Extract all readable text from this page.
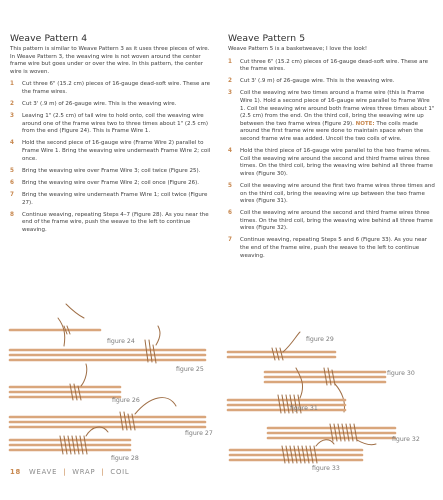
Weave Pattern 4

This pattern is similar to Weave Pattern 3 as it uses three pieces of wire. In Weave Pattern 3, the weaving wire is not woven around the center frame wire but goes under or over the wire. In this pattern, the center wire is woven.

1	Cut three 6" (15.2 cm) pieces of 16-gauge dead-soft wire. These are the frame wires.
2	Cut 3' (.9 m) of 26-gauge wire. This is the weaving wire.
3	Leaving 1" (2.5 cm) of tail wire to hold onto, coil the weaving wire around one of the frame wires two to three times about 1" (2.5 cm) from the end (Figure 24). This is Frame Wire 1.
4	Hold the second piece of 16-gauge wire (Frame Wire 2) parallel to Frame Wire 1. Bring the weaving wire underneath Frame Wire 2; coil once.
5	Bring the weaving wire over Frame Wire 3; coil twice (Figure 25).
6	Bring the weaving wire over Frame Wire 2; coil once (Figure 26).
7	Bring the weaving wire underneath Frame Wire 1; coil twice (Figure 27).
8	Continue weaving, repeating Steps 4–7 (Figure 28). As you near the end of the frame wire, push the weave to the left to continue weaving.
Weave Pattern 5

Weave Pattern 5 is a basketweave; I love the look!

1	Cut three 6" (15.2 cm) pieces of 16-gauge dead-soft wire. These are the frame wires.
2	Cut 3' (.9 m) of 26-gauge wire. This is the weaving wire.
3	Coil the weaving wire two times around a frame wire (this is Frame Wire 1). Hold a second piece of 16-gauge wire parallel to Frame Wire 1. Coil the weaving wire around both frame wires three times about 1" (2.5 cm) from the end. On the third coil, bring the weaving wire up between the two frame wires (Figure 29). NOTE: The coils made around the first frame wire were done to maintain space when the second frame wire was added. Uncoil the two coils of wire.
4	Hold the third piece of 16-gauge wire parallel to the two frame wires. Coil the weaving wire around the second and third frame wires three times. On the third coil, bring the weaving wire behind all three frame wires (Figure 30).
5	Coil the weaving wire around the first two frame wires three times and on the third coil, bring the weaving wire up between the two frame wires (Figure 31).
6	Coil the weaving wire around the second and third frame wires three times. On the third coil, bring the weaving wire behind all three frame wires (Figure 32).
7	Continue weaving, repeating Steps 5 and 6 (Figure 33). As you near the end of the frame wire, push the weave to the left to continue weaving.
figure 24
figure 25
figure 26
figure 27
figure 28
figure 29
figure 30
figure 31
figure 32
figure 33
18 WEAVE | WRAP | COIL
